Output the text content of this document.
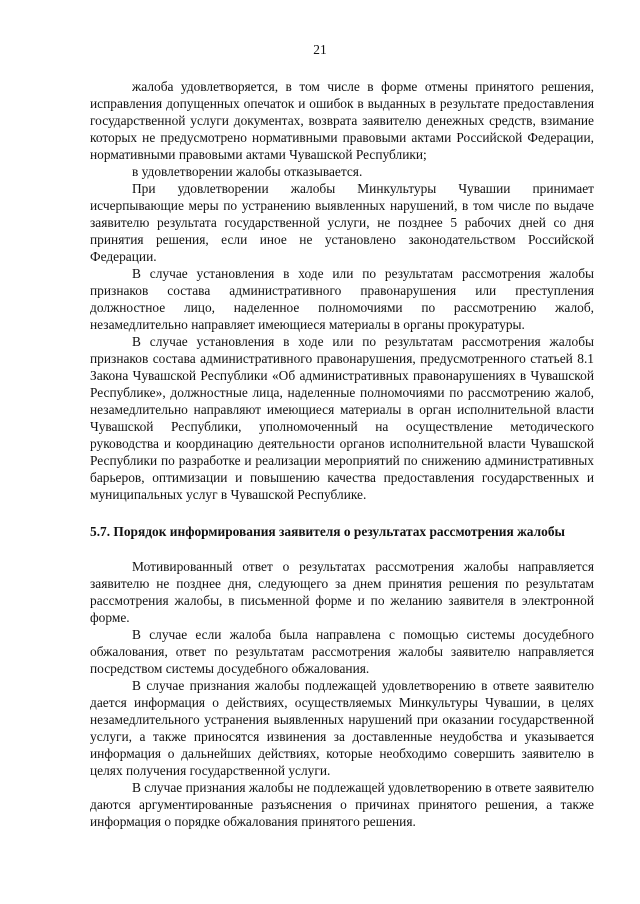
21

жалоба удовлетворяется, в том числе в форме отмены принятого решения, исправления допущенных опечаток и ошибок в выданных в результате предоставления государственной услуги документах, возврата заявителю денежных средств, взимание которых не предусмотрено нормативными правовыми актами Российской Федерации, нормативными правовыми актами Чувашской Республики;

в удовлетворении жалобы отказывается.

При удовлетворении жалобы Минкультуры Чувашии принимает исчерпывающие меры по устранению выявленных нарушений, в том числе по выдаче заявителю результата государственной услуги, не позднее 5 рабочих дней со дня принятия решения, если иное не установлено законодательством Российской Федерации.

В случае установления в ходе или по результатам рассмотрения жалобы признаков состава административного правонарушения или преступления должностное лицо, наделенное полномочиями по рассмотрению жалоб, незамедлительно направляет имеющиеся материалы в органы прокуратуры.

В случае установления в ходе или по результатам рассмотрения жалобы признаков состава административного правонарушения, предусмотренного статьей 8.1 Закона Чувашской Республики «Об административных правонарушениях в Чувашской Республике», должностные лица, наделенные полномочиями по рассмотрению жалоб, незамедлительно направляют имеющиеся материалы в орган исполнительной власти Чувашской Республики, уполномоченный на осуществление методического руководства и координацию деятельности органов исполнительной власти Чувашской Республики по разработке и реализации мероприятий по снижению административных барьеров, оптимизации и повышению качества предоставления государственных и муниципальных услуг в Чувашской Республике.

5.7. Порядок информирования заявителя о результатах рассмотрения жалобы

Мотивированный ответ о результатах рассмотрения жалобы направляется заявителю не позднее дня, следующего за днем принятия решения по результатам рассмотрения жалобы, в письменной форме и по желанию заявителя в электронной форме.

В случае если жалоба была направлена с помощью системы досудебного обжалования, ответ по результатам рассмотрения жалобы заявителю направляется посредством системы досудебного обжалования.

В случае признания жалобы подлежащей удовлетворению в ответе заявителю дается информация о действиях, осуществляемых Минкультуры Чувашии, в целях незамедлительного устранения выявленных нарушений при оказании государственной услуги, а также приносятся извинения за доставленные неудобства и указывается информация о дальнейших действиях, которые необходимо совершить заявителю в целях получения государственной услуги.

В случае признания жалобы не подлежащей удовлетворению в ответе заявителю даются аргументированные разъяснения о причинах принятого решения, а также информация о порядке обжалования принятого решения.
